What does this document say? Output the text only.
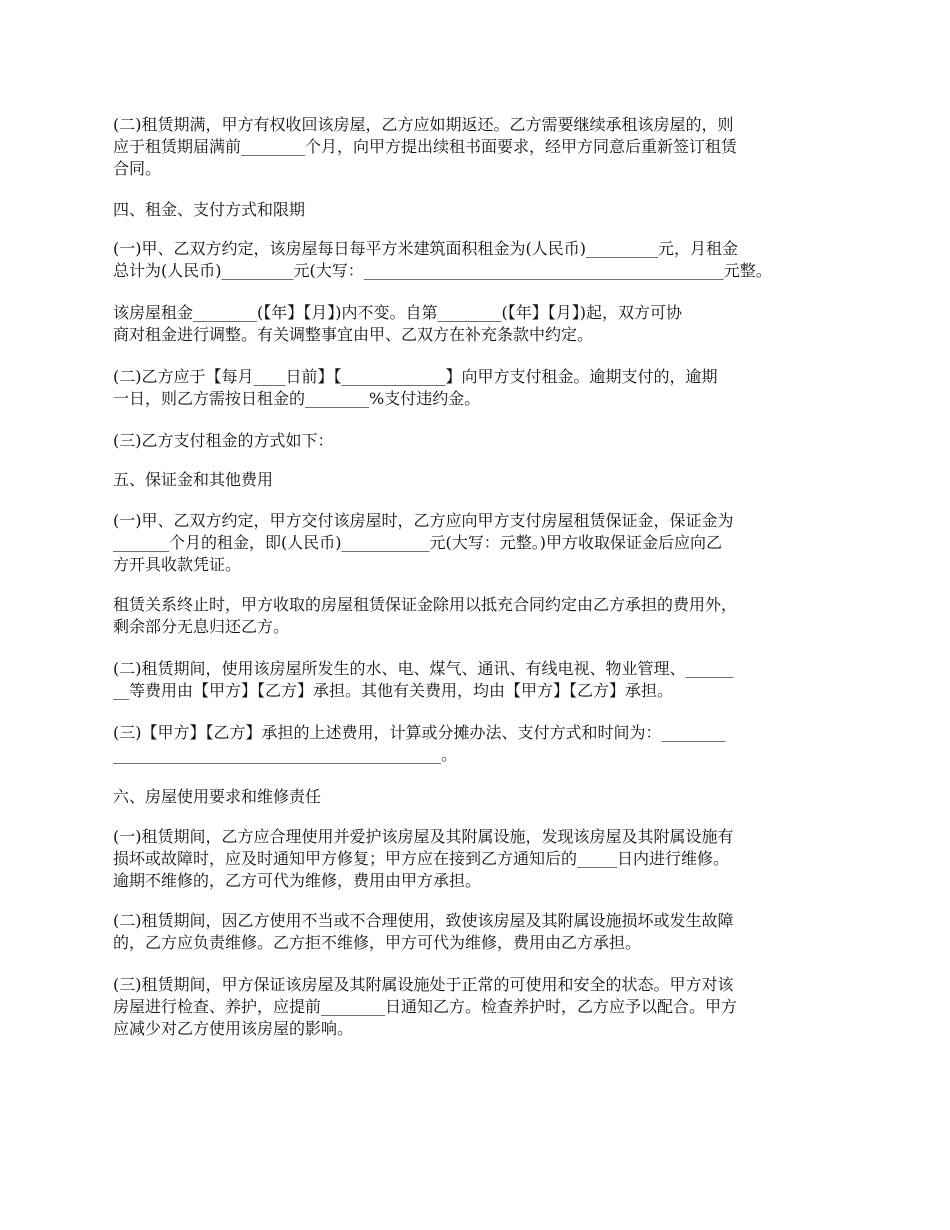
(二)租赁期满，甲方有权收回该房屋，乙方应如期返还。乙方需要继续承租该房屋的，则
应于租赁期届满前________个月，向甲方提出续租书面要求，经甲方同意后重新签订租赁
合同。

四、租金、支付方式和限期

(一)甲、乙双方约定，该房屋每日每平方米建筑面积租金为(人民币)_________元，月租金
总计为(人民币)_________元(大写：_____________________________________________元整。

该房屋租金________(【年】【月】)内不变。自第________(【年】【月】)起，双方可协
商对租金进行调整。有关调整事宜由甲、乙双方在补充条款中约定。

(二)乙方应于【每月____日前】【_____________】向甲方支付租金。逾期支付的，逾期
一日，则乙方需按日租金的________%支付违约金。

(三)乙方支付租金的方式如下：

五、保证金和其他费用

(一)甲、乙双方约定，甲方交付该房屋时，乙方应向甲方支付房屋租赁保证金，保证金为
_______个月的租金，即(人民币)___________元(大写：元整。)甲方收取保证金后应向乙
方开具收款凭证。

租赁关系终止时，甲方收取的房屋租赁保证金除用以抵充合同约定由乙方承担的费用外，
剩余部分无息归还乙方。

(二)租赁期间，使用该房屋所发生的水、电、煤气、通讯、有线电视、物业管理、______
__等费用由【甲方】【乙方】承担。其他有关费用，均由【甲方】【乙方】承担。

(三)【甲方】【乙方】承担的上述费用，计算或分摊办法、支付方式和时间为：________
_________________________________________。

六、房屋使用要求和维修责任

(一)租赁期间，乙方应合理使用并爱护该房屋及其附属设施，发现该房屋及其附属设施有
损坏或故障时，应及时通知甲方修复；甲方应在接到乙方通知后的_____日内进行维修。
逾期不维修的，乙方可代为维修，费用由甲方承担。

(二)租赁期间，因乙方使用不当或不合理使用，致使该房屋及其附属设施损坏或发生故障
的，乙方应负责维修。乙方拒不维修，甲方可代为维修，费用由乙方承担。

(三)租赁期间，甲方保证该房屋及其附属设施处于正常的可使用和安全的状态。甲方对该
房屋进行检查、养护，应提前________日通知乙方。检查养护时，乙方应予以配合。甲方
应减少对乙方使用该房屋的影响。
